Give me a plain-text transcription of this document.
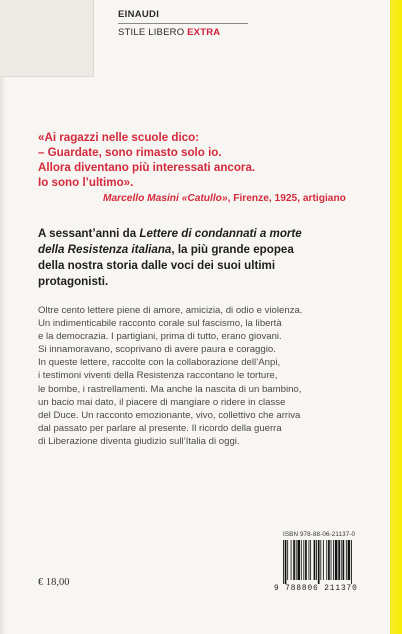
EINAUDI
STILE LIBERO EXTRA
«Ai ragazzi nelle scuole dico:
– Guardate, sono rimasto solo io.
Allora diventano più interessati ancora.
Io sono l’ultimo».
Marcello Masini «Catullo», Firenze, 1925, artigiano
A sessant’anni da Lettere di condannati a morte
della Resistenza italiana, la più grande epopea
della nostra storia dalle voci dei suoi ultimi
protagonisti.
Oltre cento lettere piene di amore, amicizia, di odio e violenza.
Un indimenticabile racconto corale sul fascismo, la libertà
e la democrazia. I partigiani, prima di tutto, erano giovani.
Si innamoravano, scoprivano di avere paura e coraggio.
In queste lettere, raccolte con la collaborazione dell’Anpi,
i testimoni viventi della Resistenza raccontano le torture,
le bombe, i rastrellamenti. Ma anche la nascita di un bambino,
un bacio mai dato, il piacere di mangiare o ridere in classe
del Duce. Un racconto emozionante, vivo, collettivo che arriva
dal passato per parlare al presente. Il ricordo della guerra
di Liberazione diventa giudizio sull’Italia di oggi.
ISBN 978-88-06-21137-0
9 788806 211370
€ 18,00
